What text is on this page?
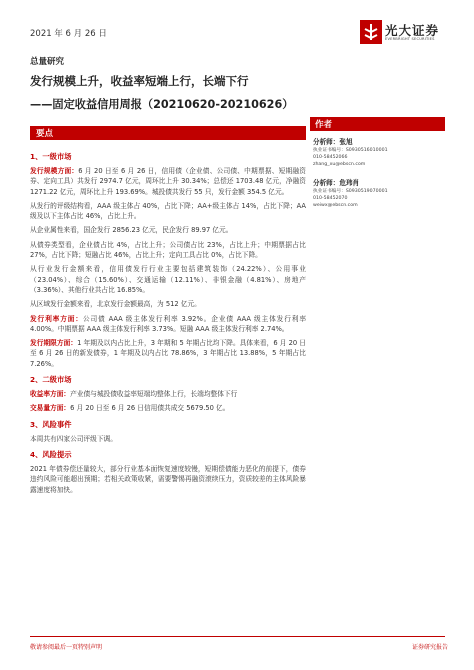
2021 年 6 月 26 日	光大证券
EVERBRIGHT SECURITIES
总量研究
发行规模上升，收益率短端上行，长端下行
——固定收益信用周报（20210620-20210626）
要点
作者
1、一级市场
发行规模方面：6 月 20 日至 6 月 26 日，信用债（企业债、公司债、中期票据、短期融资券、定向工具）共发行 2974.7 亿元，周环比上升 30.34%；总偿还 1703.48 亿元，净融资 1271.22 亿元，周环比上升 193.69%。城投债共发行 55 只，发行金额 354.5 亿元。
从发行的评级结构看，AAA 级主体占 40%，占比下降；AA+级主体占 14%，占比下降；AA 级及以下主体占比 46%，占比上升。
从企业属性来看，国企发行 2856.23 亿元，民企发行 89.97 亿元。
从债券类型看，企业债占比 4%，占比上升；公司债占比 23%，占比上升；中期票据占比 27%，占比下降；短融占比 46%，占比上升；定向工具占比 0%，占比下降。
从行业发行金额来看，信用债发行行业主要包括建筑装饰（24.22%）、公用事业（23.04%）、综合（15.60%）、交通运输（12.11%）、非银金融（4.81%）、房地产（3.36%）、其他行业共占比 16.85%。
从区域发行金额来看，北京发行金额最高，为 512 亿元。
发行利率方面：公司债 AAA 级主体发行利率 3.92%。企业债 AAA 级主体发行利率 4.00%。中期票据 AAA 级主体发行利率 3.73%。短融 AAA 级主体发行利率 2.74%。
发行期限方面：1 年期及以内占比上升，3 年期和 5 年期占比均下降。具体来看，6 月 20 日至 6 月 26 日的新发债券，1 年期及以内占比 78.86%，3 年期占比 13.88%，5 年期占比 7.26%。
2、二级市场
收益率方面：产业债与城投债收益率短端均整体上行，长端均整体下行
交易量方面：6 月 20 日至 6 月 26 日信用债共成交 5679.50 亿。
3、风险事件
本周共有四家公司评级下调。
4、风险提示
2021 年债券偿还量较大，部分行业基本面恢复速度较慢，短期偿债能力恶化的前提下，债券违约风险可能超出预期；若相关政策收紧，需要警惕再融资滚续压力，资质较差的主体风险暴露速度将加快。
分析师：张旭
执业证书编号：S0930516010001
010-58452066
zhang_xu@ebscn.com
分析师：危玮肖
执业证书编号：S0930519070001
010-58452070
weiwx@ebscn.com
敬请参阅最后一页特别声明	证券研究报告
